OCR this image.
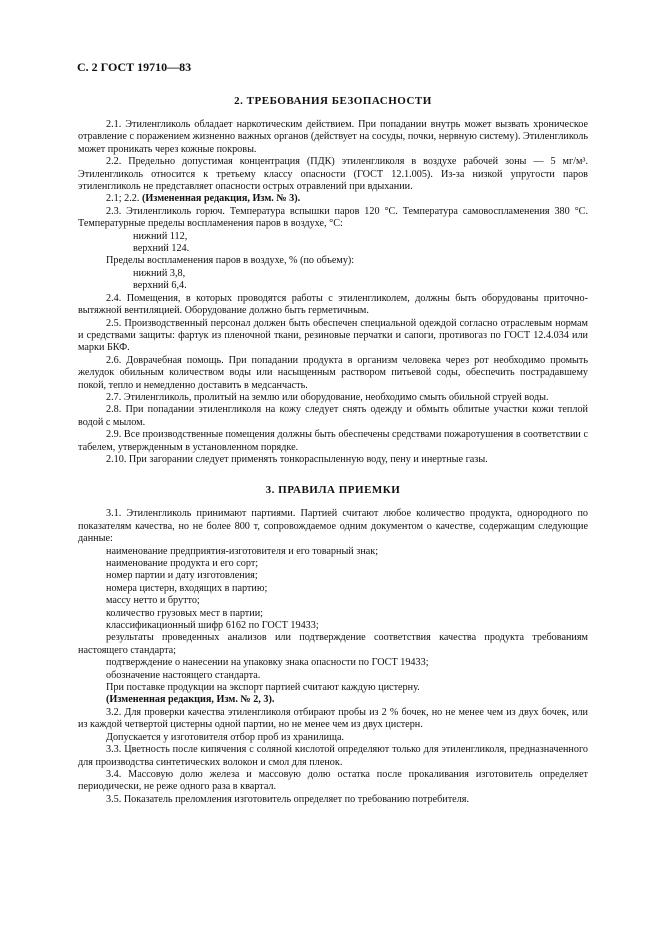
С. 2 ГОСТ 19710—83

2. ТРЕБОВАНИЯ БЕЗОПАСНОСТИ

2.1. Этиленгликоль обладает наркотическим действием. При попадании внутрь может вызвать хроническое отравление с поражением жизненно важных органов (действует на сосуды, почки, нервную систему). Этиленгликоль может проникать через кожные покровы.

2.2. Предельно допустимая концентрация (ПДК) этиленгликоля в воздухе рабочей зоны — 5 мг/м³. Этиленгликоль относится к третьему классу опасности (ГОСТ 12.1.005). Из-за низкой упругости паров этиленгликоль не представляет опасности острых отравлений при вдыхании.

2.1; 2.2. (Измененная редакция, Изм. № 3).

2.3. Этиленгликоль горюч. Температура вспышки паров 120 °С. Температура самовоспламенения 380 °С. Температурные пределы воспламенения паров в воздухе, °С:

нижний 112,

верхний 124.

Пределы воспламенения паров в воздухе, % (по объему):

нижний 3,8,

верхний 6,4.

2.4. Помещения, в которых проводятся работы с этиленгликолем, должны быть оборудованы приточно-вытяжной вентиляцией. Оборудование должно быть герметичным.

2.5. Производственный персонал должен быть обеспечен специальной одеждой согласно отраслевым нормам и средствами защиты: фартук из пленочной ткани, резиновые перчатки и сапоги, противогаз по ГОСТ 12.4.034 или марки БКФ.

2.6. Доврачебная помощь. При попадании продукта в организм человека через рот необходимо промыть желудок обильным количеством воды или насыщенным раствором питьевой соды, обеспечить пострадавшему покой, тепло и немедленно доставить в медсанчасть.

2.7. Этиленгликоль, пролитый на землю или оборудование, необходимо смыть обильной струей воды.

2.8. При попадании этиленгликоля на кожу следует снять одежду и обмыть облитые участки кожи теплой водой с мылом.

2.9. Все производственные помещения должны быть обеспечены средствами пожаротушения в соответствии с табелем, утвержденным в установленном порядке.

2.10. При загорании следует применять тонкораспыленную воду, пену и инертные газы.

3. ПРАВИЛА ПРИЕМКИ

3.1. Этиленгликоль принимают партиями. Партией считают любое количество продукта, однородного по показателям качества, но не более 800 т, сопровождаемое одним документом о качестве, содержащим следующие данные:

наименование предприятия-изготовителя и его товарный знак;

наименование продукта и его сорт;

номер партии и дату изготовления;

номера цистерн, входящих в партию;

массу нетто и брутто;

количество грузовых мест в партии;

классификационный шифр 6162 по ГОСТ 19433;

результаты проведенных анализов или подтверждение соответствия качества продукта требованиям настоящего стандарта;

подтверждение о нанесении на упаковку знака опасности по ГОСТ 19433;

обозначение настоящего стандарта.

При поставке продукции на экспорт партией считают каждую цистерну.

(Измененная редакция, Изм. № 2, 3).

3.2. Для проверки качества этиленгликоля отбирают пробы из 2 % бочек, но не менее чем из двух бочек, или из каждой четвертой цистерны одной партии, но не менее чем из двух цистерн.

Допускается у изготовителя отбор проб из хранилища.

3.3. Цветность после кипячения с соляной кислотой определяют только для этиленгликоля, предназначенного для производства синтетических волокон и смол для пленок.

3.4. Массовую долю железа и массовую долю остатка после прокаливания изготовитель определяет периодически, не реже одного раза в квартал.

3.5. Показатель преломления изготовитель определяет по требованию потребителя.
